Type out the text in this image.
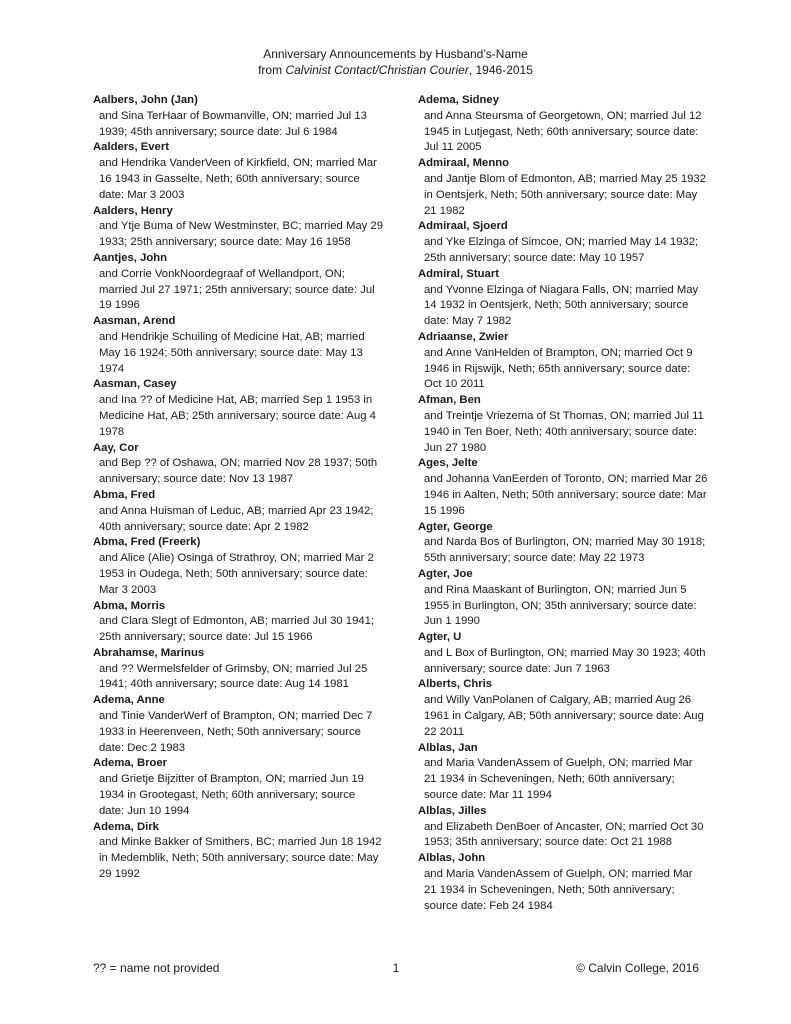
Anniversary Announcements by Husband’s-Name
from Calvinist Contact/Christian Courier, 1946-2015
Aalbers, John (Jan)
and Sina TerHaar of Bowmanville, ON; married Jul 13 1939; 45th anniversary; source date: Jul 6 1984
Aalders, Evert
and Hendrika VanderVeen of Kirkfield, ON; married Mar 16 1943 in Gasselte, Neth; 60th anniversary; source date: Mar 3 2003
Aalders, Henry
and Ytje Buma of New Westminster, BC; married May 29 1933; 25th anniversary; source date: May 16 1958
Aantjes, John
and Corrie VonkNoordegraaf of Wellandport, ON; married Jul 27 1971; 25th anniversary; source date: Jul 19 1996
Aasman, Arend
and Hendrikje Schuiling of Medicine Hat, AB; married May 16 1924; 50th anniversary; source date: May 13 1974
Aasman, Casey
and Ina ?? of Medicine Hat, AB; married Sep 1 1953 in Medicine Hat, AB; 25th anniversary; source date: Aug 4 1978
Aay, Cor
and Bep ?? of Oshawa, ON; married Nov 28 1937; 50th anniversary; source date: Nov 13 1987
Abma, Fred
and Anna Huisman of Leduc, AB; married Apr 23 1942; 40th anniversary; source date: Apr 2 1982
Abma, Fred (Freerk)
and Alice (Alie) Osinga of Strathroy, ON; married Mar 2 1953 in Oudega, Neth; 50th anniversary; source date: Mar 3 2003
Abma, Morris
and Clara Slegt of Edmonton, AB; married Jul 30 1941; 25th anniversary; source date: Jul 15 1966
Abrahamse, Marinus
and ?? Wermelsfelder of Grimsby, ON; married Jul 25 1941; 40th anniversary; source date: Aug 14 1981
Adema, Anne
and Tinie VanderWerf of Brampton, ON; married Dec 7 1933 in Heerenveen, Neth; 50th anniversary; source date: Dec 2 1983
Adema, Broer
and Grietje Bijzitter of Brampton, ON; married Jun 19 1934 in Grootegast, Neth; 60th anniversary; source date: Jun 10 1994
Adema, Dirk
and Minke Bakker of Smithers, BC; married Jun 18 1942 in Medemblik, Neth; 50th anniversary; source date: May 29 1992
Adema, Sidney
and Anna Steursma of Georgetown, ON; married Jul 12 1945 in Lutjegast, Neth; 60th anniversary; source date: Jul 11 2005
Admiraal, Menno
and Jantje Blom of Edmonton, AB; married May 25 1932 in Oentsjerk, Neth; 50th anniversary; source date: May 21 1982
Admiraal, Sjoerd
and Yke Elzinga of Simcoe, ON; married May 14 1932; 25th anniversary; source date: May 10 1957
Admiral, Stuart
and Yvonne Elzinga of Niagara Falls, ON; married May 14 1932 in Oentsjerk, Neth; 50th anniversary; source date: May 7 1982
Adriaanse, Zwier
and Anne VanHelden of Brampton, ON; married Oct 9 1946 in Rijswijk, Neth; 65th anniversary; source date: Oct 10 2011
Afman, Ben
and Treintje Vriezema of St Thomas, ON; married Jul 11 1940 in Ten Boer, Neth; 40th anniversary; source date: Jun 27 1980
Ages, Jelte
and Johanna VanEerden of Toronto, ON; married Mar 26 1946 in Aalten, Neth; 50th anniversary; source date: Mar 15 1996
Agter, George
and Narda Bos of Burlington, ON; married May 30 1918; 55th anniversary; source date: May 22 1973
Agter, Joe
and Rina Maaskant of Burlington, ON; married Jun 5 1955 in Burlington, ON; 35th anniversary; source date: Jun 1 1990
Agter, U
and L Box of Burlington, ON; married May 30 1923; 40th anniversary; source date: Jun 7 1963
Alberts, Chris
and Willy VanPolanen of Calgary, AB; married Aug 26 1961 in Calgary, AB; 50th anniversary; source date: Aug 22 2011
Alblas, Jan
and Maria VandenAssem of Guelph, ON; married Mar 21 1934 in Scheveningen, Neth; 60th anniversary; source date: Mar 11 1994
Alblas, Jilles
and Elizabeth DenBoer of Ancaster, ON; married Oct 30 1953; 35th anniversary; source date: Oct 21 1988
Alblas, John
and Maria VandenAssem of Guelph, ON; married Mar 21 1934 in Scheveningen, Neth; 50th anniversary; source date: Feb 24 1984
?? = name not provided	1	© Calvin College, 2016
